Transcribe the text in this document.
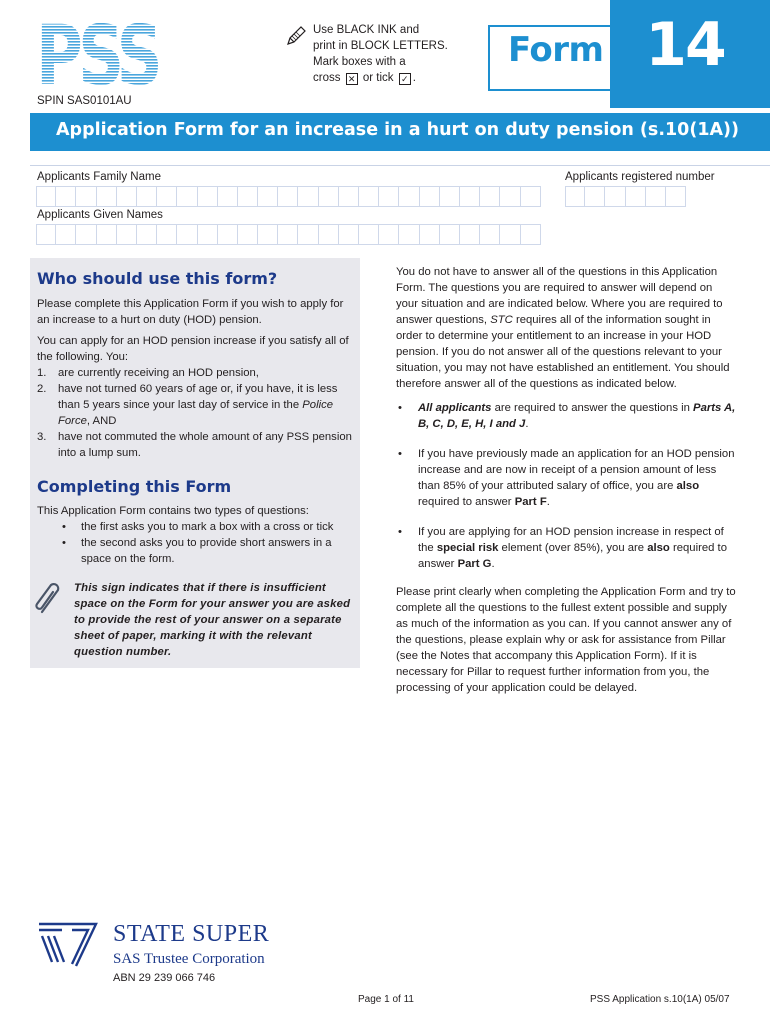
PSS
SPIN SAS0101AU
Use BLACK INK and
print in BLOCK LETTERS.
Mark boxes with a
cross ✕ or tick ✓ .
Form 14
Application Form for an increase in a hurt on duty pension (s.10(1A))
Applicants Family Name	Applicants registered number
Applicants Given Names
Who should use this form?
Please complete this Application Form if you wish to apply for an increase to a hurt on duty (HOD) pension.
You can apply for an HOD pension increase if you satisfy all of the following. You:
1. are currently receiving an HOD pension,
2. have not turned 60 years of age or, if you have, it is less than 5 years since your last day of service in the Police Force, AND
3. have not commuted the whole amount of any PSS pension into a lump sum.
Completing this Form
This Application Form contains two types of questions:
• the first asks you to mark a box with a cross or tick
• the second asks you to provide short answers in a space on the form.
This sign indicates that if there is insufficient space on the Form for your answer you are asked to provide the rest of your answer on a separate sheet of paper, marking it with the relevant question number.
You do not have to answer all of the questions in this Application Form. The questions you are required to answer will depend on your situation and are indicated below. Where you are required to answer questions, STC requires all of the information sought in order to determine your entitlement to an increase in your HOD pension. If you do not answer all of the questions relevant to your situation, you may not have established an entitlement. You should therefore answer all of the questions as indicated below.
• All applicants are required to answer the questions in Parts A, B, C, D, E, H, I and J.
• If you have previously made an application for an HOD pension increase and are now in receipt of a pension amount of less than 85% of your attributed salary of office, you are also required to answer Part F.
• If you are applying for an HOD pension increase in respect of the special risk element (over 85%), you are also required to answer Part G.
Please print clearly when completing the Application Form and try to complete all the questions to the fullest extent possible and supply as much of the information as you can. If you cannot answer any of the questions, please explain why or ask for assistance from Pillar (see the Notes that accompany this Application Form). If it is necessary for Pillar to request further information from you, the processing of your application could be delayed.
STATE SUPER
SAS Trustee Corporation
ABN 29 239 066 746
Page 1 of 11	PSS Application s.10(1A) 05/07
